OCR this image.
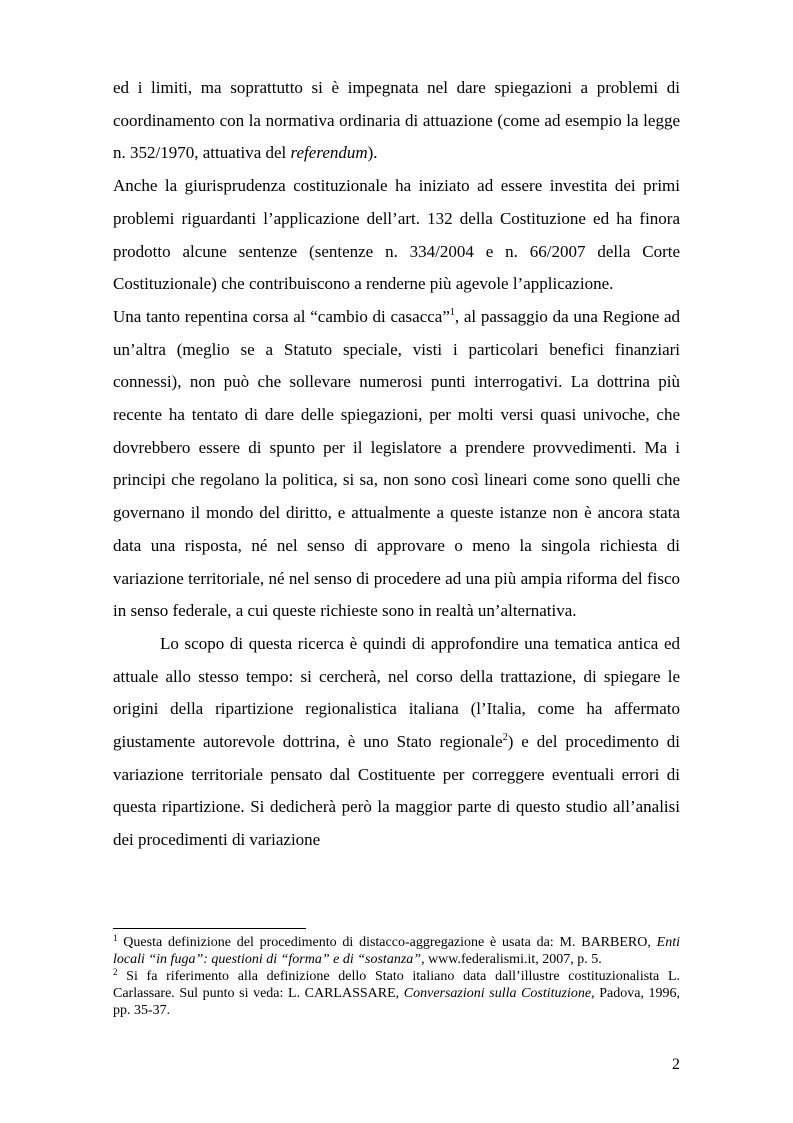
ed i limiti, ma soprattutto si è impegnata nel dare spiegazioni a problemi di coordinamento con la normativa ordinaria di attuazione (come ad esempio la legge n. 352/1970, attuativa del referendum).

Anche la giurisprudenza costituzionale ha iniziato ad essere investita dei primi problemi riguardanti l’applicazione dell’art. 132 della Costituzione ed ha finora prodotto alcune sentenze (sentenze n. 334/2004 e n. 66/2007 della Corte Costituzionale) che contribuiscono a renderne più agevole l’applicazione.

Una tanto repentina corsa al “cambio di casacca”$^1$, al passaggio da una Regione ad un’altra (meglio se a Statuto speciale, visti i particolari benefici finanziari connessi), non può che sollevare numerosi punti interrogativi. La dottrina più recente ha tentato di dare delle spiegazioni, per molti versi quasi univoche, che dovrebbero essere di spunto per il legislatore a prendere provvedimenti. Ma i principi che regolano la politica, si sa, non sono così lineari come sono quelli che governano il mondo del diritto, e attualmente a queste istanze non è ancora stata data una risposta, né nel senso di approvare o meno la singola richiesta di variazione territoriale, né nel senso di procedere ad una più ampia riforma del fisco in senso federale, a cui queste richieste sono in realtà un’alternativa.

Lo scopo di questa ricerca è quindi di approfondire una tematica antica ed attuale allo stesso tempo: si cercherà, nel corso della trattazione, di spiegare le origini della ripartizione regionalistica italiana (l’Italia, come ha affermato giustamente autorevole dottrina, è uno Stato regionale$^2$) e del procedimento di variazione territoriale pensato dal Costituente per correggere eventuali errori di questa ripartizione. Si dedicherà però la maggior parte di questo studio all’analisi dei procedimenti di variazione

$^1$ Questa definizione del procedimento di distacco-aggregazione è usata da: M. BARBERO, Enti locali “in fuga”: questioni di “forma” e di “sostanza”, www.federalismi.it, 2007, p. 5.

$^2$ Si fa riferimento alla definizione dello Stato italiano data dall’illustre costituzionalista L. Carlassare. Sul punto si veda: L. CARLASSARE, Conversazioni sulla Costituzione, Padova, 1996, pp. 35-37.

2
